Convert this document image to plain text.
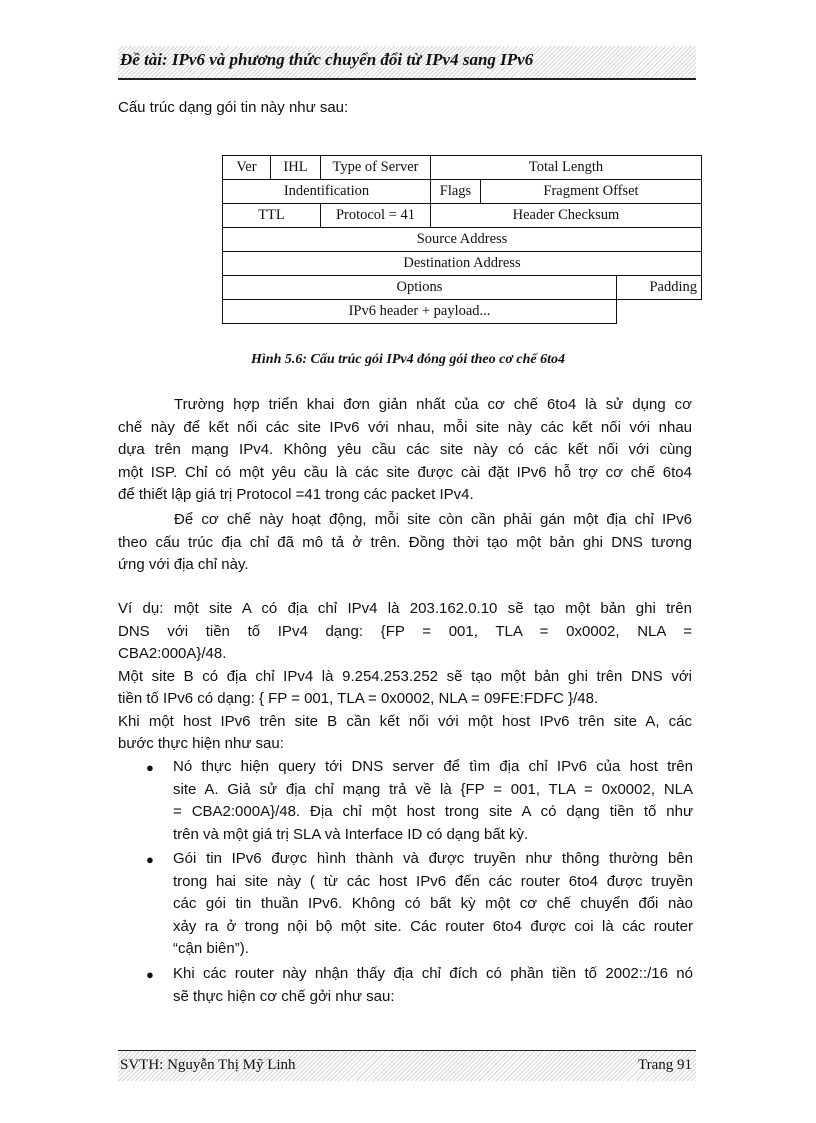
Đề tài: IPv6 và phương thức chuyển đổi từ IPv4 sang IPv6
Cấu trúc dạng gói tin này như sau:
Ver	IHL	Type of Server	Total Length		
Indentification			Flags	Fragment Offset	
TTL		Protocol = 41	Header Checksum		
Source Address					
Destination Address					
Options					Padding
IPv6 header + payload...					
Hình 5.6: Cấu trúc gói IPv4 đóng gói theo cơ chế 6to4
Trường hợp triển khai đơn giản nhất của cơ chế 6to4 là sử dụng cơ
chế này để kết nối các site IPv6 với nhau, mỗi site này các kết nối với nhau
dựa trên mạng IPv4. Không yêu cầu các site này có các kết nối với cùng
một ISP. Chỉ có một yêu cầu là các site được cài đặt IPv6 hỗ trợ cơ chế 6to4
để thiết lập giá trị Protocol =41 trong các packet IPv4.
Để cơ chế này hoạt động, mỗi site còn cần phải gán một địa chỉ IPv6
theo cấu trúc địa chỉ đã mô tả ở trên. Đồng thời tạo một bản ghi DNS tương
ứng với địa chỉ này.
Ví dụ: một site A có địa chỉ IPv4 là 203.162.0.10 sẽ tạo một bản ghi trên
DNS với tiền tố IPv4 dạng: {FP = 001, TLA = 0x0002, NLA =
CBA2:000A}/48.
Một site B có địa chỉ IPv4 là 9.254.253.252 sẽ tạo một bản ghi trên DNS với
tiền tố IPv6 có dạng: { FP = 001, TLA = 0x0002, NLA = 09FE:FDFC }/48.
Khi một host IPv6 trên site B cần kết nối với một host IPv6 trên site A, các
bước thực hiện như sau:
● Nó thực hiện query tới DNS server để tìm địa chỉ IPv6 của host trên
site A. Giả sử địa chỉ mạng trả về là {FP = 001, TLA = 0x0002, NLA
= CBA2:000A}/48. Địa chỉ một host trong site A có dạng tiền tố như
trên và một giá trị SLA và Interface ID có dạng bất kỳ.
● Gói tin IPv6 được hình thành và được truyền như thông thường bên
trong hai site này ( từ các host IPv6 đến các router 6to4 được truyền
các gói tin thuần IPv6. Không có bất kỳ một cơ chế chuyển đổi nào
xảy ra ở trong nội bộ một site. Các router 6to4 được coi là các router
“cận biên”).
● Khi các router này nhận thấy địa chỉ đích có phần tiền tố 2002::/16 nó
sẽ thực hiện cơ chế gởi như sau:
SVTH: Nguyễn Thị Mỹ Linh	Trang 91
